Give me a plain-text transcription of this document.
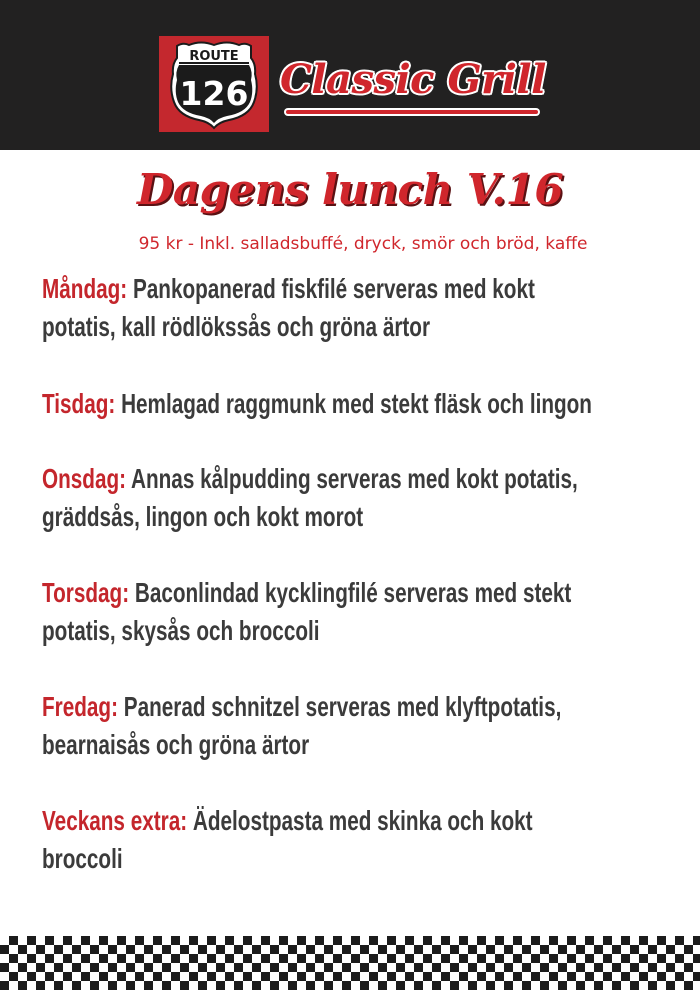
ROUTE
126 Classic Grill
Dagens lunch V.16
95 kr - Inkl. salladsbuffé, dryck, smör och bröd, kaffe
Måndag: Pankopanerad fiskfilé serveras med kokt
potatis, kall rödlökssås och gröna ärtor
Tisdag: Hemlagad raggmunk med stekt fläsk och lingon
Onsdag: Annas kålpudding serveras med kokt potatis,
gräddsås, lingon och kokt morot
Torsdag: Baconlindad kycklingfilé serveras med stekt
potatis, skysås och broccoli
Fredag: Panerad schnitzel serveras med klyftpotatis,
bearnaisås och gröna ärtor
Veckans extra: Ädelostpasta med skinka och kokt
broccoli
